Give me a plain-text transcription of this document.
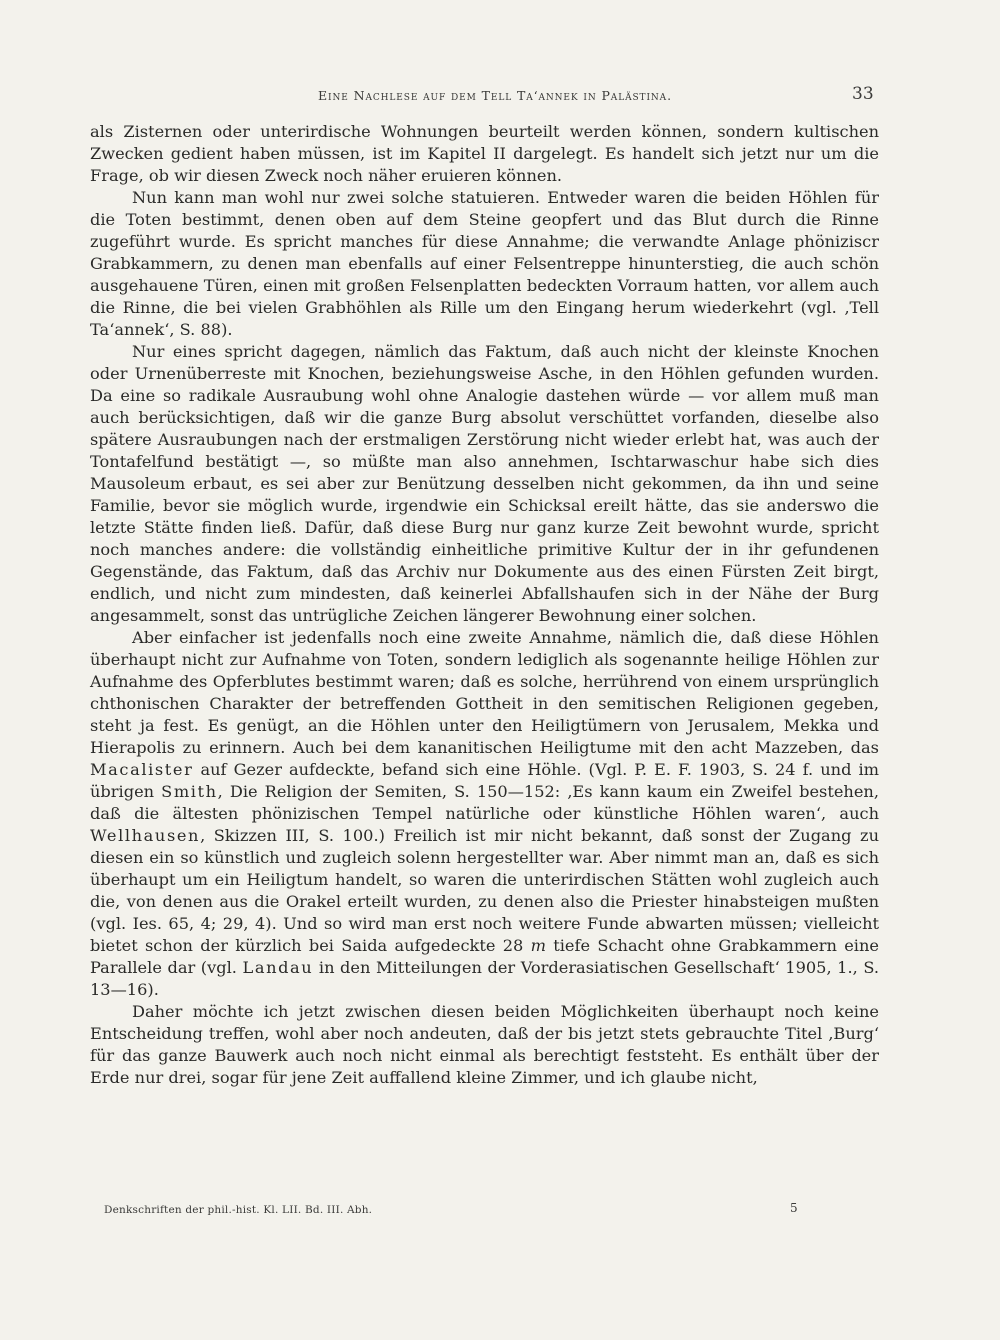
Eine Nachlese auf dem Tell Ta‘annek in Palästina.	33

als Zisternen oder unterirdische Wohnungen beurteilt werden können, sondern kultischen Zwecken gedient haben müssen, ist im Kapitel II dargelegt. Es handelt sich jetzt nur um die Frage, ob wir diesen Zweck noch näher eruieren können.

Nun kann man wohl nur zwei solche statuieren. Entweder waren die beiden Höhlen für die Toten bestimmt, denen oben auf dem Steine geopfert und das Blut durch die Rinne zugeführt wurde. Es spricht manches für diese Annahme; die verwandte Anlage phöniziscr Grabkammern, zu denen man ebenfalls auf einer Felsentreppe hinunterstieg, die auch schön ausgehauene Türen, einen mit großen Felsenplatten bedeckten Vorraum hatten, vor allem auch die Rinne, die bei vielen Grabhöhlen als Rille um den Eingang herum wiederkehrt (vgl. ‚Tell Ta‘annek‘, S. 88).

Nur eines spricht dagegen, nämlich das Faktum, daß auch nicht der kleinste Knochen oder Urnenüberreste mit Knochen, beziehungsweise Asche, in den Höhlen gefunden wurden. Da eine so radikale Ausraubung wohl ohne Analogie dastehen würde — vor allem muß man auch berücksichtigen, daß wir die ganze Burg absolut verschüttet vorfanden, dieselbe also spätere Ausraubungen nach der erstmaligen Zerstörung nicht wieder erlebt hat, was auch der Tontafelfund bestätigt —, so müßte man also annehmen, Ischtarwaschur habe sich dies Mausoleum erbaut, es sei aber zur Benützung desselben nicht gekommen, da ihn und seine Familie, bevor sie möglich wurde, irgendwie ein Schicksal ereilt hätte, das sie anderswo die letzte Stätte finden ließ. Dafür, daß diese Burg nur ganz kurze Zeit bewohnt wurde, spricht noch manches andere: die vollständig einheitliche primitive Kultur der in ihr gefundenen Gegenstände, das Faktum, daß das Archiv nur Dokumente aus des einen Fürsten Zeit birgt, endlich, und nicht zum mindesten, daß keinerlei Abfallshaufen sich in der Nähe der Burg angesammelt, sonst das untrügliche Zeichen längerer Bewohnung einer solchen.

Aber einfacher ist jedenfalls noch eine zweite Annahme, nämlich die, daß diese Höhlen überhaupt nicht zur Aufnahme von Toten, sondern lediglich als sogenannte heilige Höhlen zur Aufnahme des Opferblutes bestimmt waren; daß es solche, herrührend von einem ursprünglich chthonischen Charakter der betreffenden Gottheit in den semitischen Religionen gegeben, steht ja fest. Es genügt, an die Höhlen unter den Heiligtümern von Jerusalem, Mekka und Hierapolis zu erinnern. Auch bei dem kananitischen Heiligtume mit den acht Mazzeben, das Macalister auf Gezer aufdeckte, befand sich eine Höhle. (Vgl. P. E. F. 1903, S. 24 f. und im übrigen Smith, Die Religion der Semiten, S. 150—152: ‚Es kann kaum ein Zweifel bestehen, daß die ältesten phönizischen Tempel natürliche oder künstliche Höhlen waren‘, auch Wellhausen, Skizzen III, S. 100.) Freilich ist mir nicht bekannt, daß sonst der Zugang zu diesen ein so künstlich und zugleich solenn hergestellter war. Aber nimmt man an, daß es sich überhaupt um ein Heiligtum handelt, so waren die unterirdischen Stätten wohl zugleich auch die, von denen aus die Orakel erteilt wurden, zu denen also die Priester hinabsteigen mußten (vgl. Ies. 65, 4; 29, 4). Und so wird man erst noch weitere Funde abwarten müssen; vielleicht bietet schon der kürzlich bei Saida aufgedeckte 28 m tiefe Schacht ohne Grabkammern eine Parallele dar (vgl. Landau in den Mitteilungen der Vorderasiatischen Gesellschaft‘ 1905, 1., S. 13—16).

Daher möchte ich jetzt zwischen diesen beiden Möglichkeiten überhaupt noch keine Entscheidung treffen, wohl aber noch andeuten, daß der bis jetzt stets gebrauchte Titel ‚Burg‘ für das ganze Bauwerk auch noch nicht einmal als berechtigt feststeht. Es enthält über der Erde nur drei, sogar für jene Zeit auffallend kleine Zimmer, und ich glaube nicht,

Denkschriften der phil.-hist. Kl. LII. Bd. III. Abh.	5
